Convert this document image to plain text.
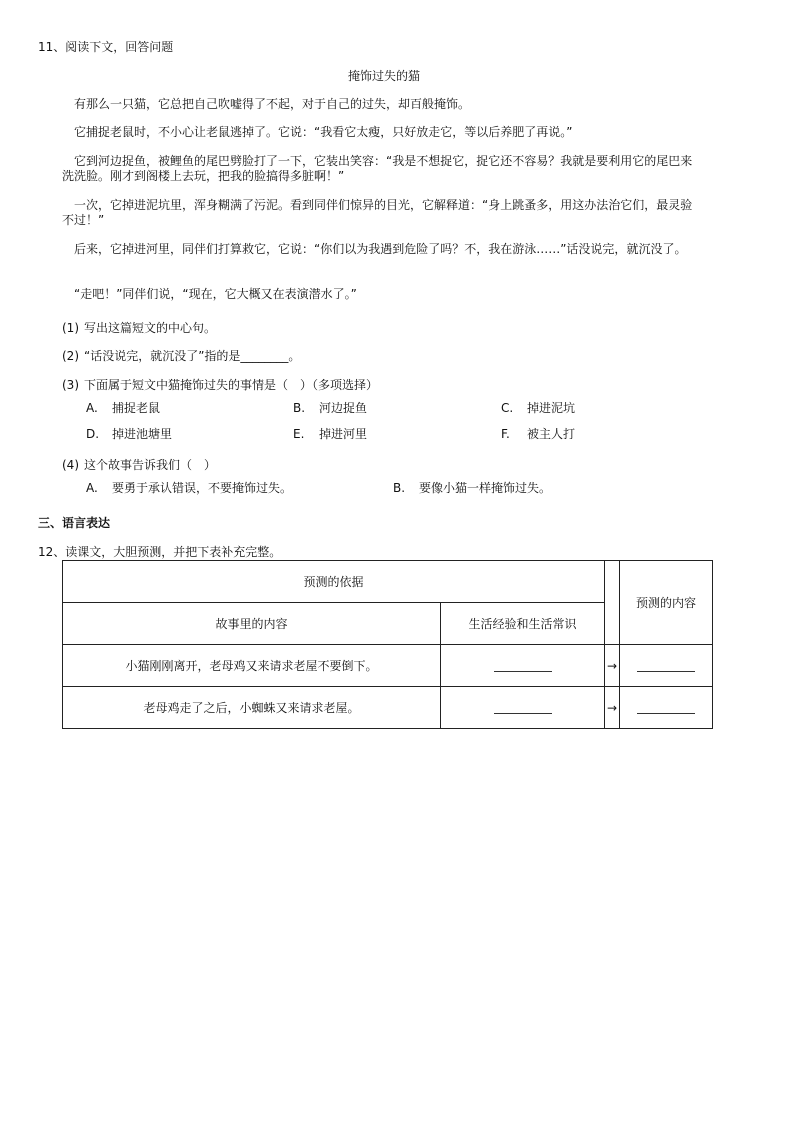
11、阅读下文，回答问题
掩饰过失的猫
有那么一只猫，它总把自己吹嘘得了不起，对于自己的过失，却百般掩饰。
它捕捉老鼠时，不小心让老鼠逃掉了。它说：“我看它太瘦，只好放走它，等以后养肥了再说。”
它到河边捉鱼，被鲤鱼的尾巴劈脸打了一下，它装出笑容：“我是不想捉它，捉它还不容易？我就是要利用它的尾巴来洗洗脸。刚才到阁楼上去玩，把我的脸搞得多脏啊！”
一次，它掉进泥坑里，浑身糊满了污泥。看到同伴们惊异的目光，它解释道：“身上跳蚤多，用这办法治它们，最灵验不过！”
后来，它掉进河里，同伴们打算救它，它说：“你们以为我遇到危险了吗？不，我在游泳……”话没说完，就沉没了。
“走吧！”同伴们说，“现在，它大概又在表演潜水了。”
(1) 写出这篇短文的中心句。
(2) “话没说完，就沉没了”指的是________。
(3) 下面属于短文中猫掩饰过失的事情是（　）（多项选择）
A. 捕捉老鼠	B. 河边捉鱼	C. 掉进泥坑
D. 掉进池塘里	E. 掉进河里	F. 被主人打
(4) 这个故事告诉我们（　）
A. 要勇于承认错误，不要掩饰过失。	B. 要像小猫一样掩饰过失。
三、语言表达
12、读课文，大胆预测，并把下表补充完整。
预测的依据			预测的内容
故事里的内容	生活经验和生活常识		
小猫刚刚离开，老母鸡又来请求老屋不要倒下。		→	
老母鸡走了之后，小蜘蛛又来请求老屋。		→	
